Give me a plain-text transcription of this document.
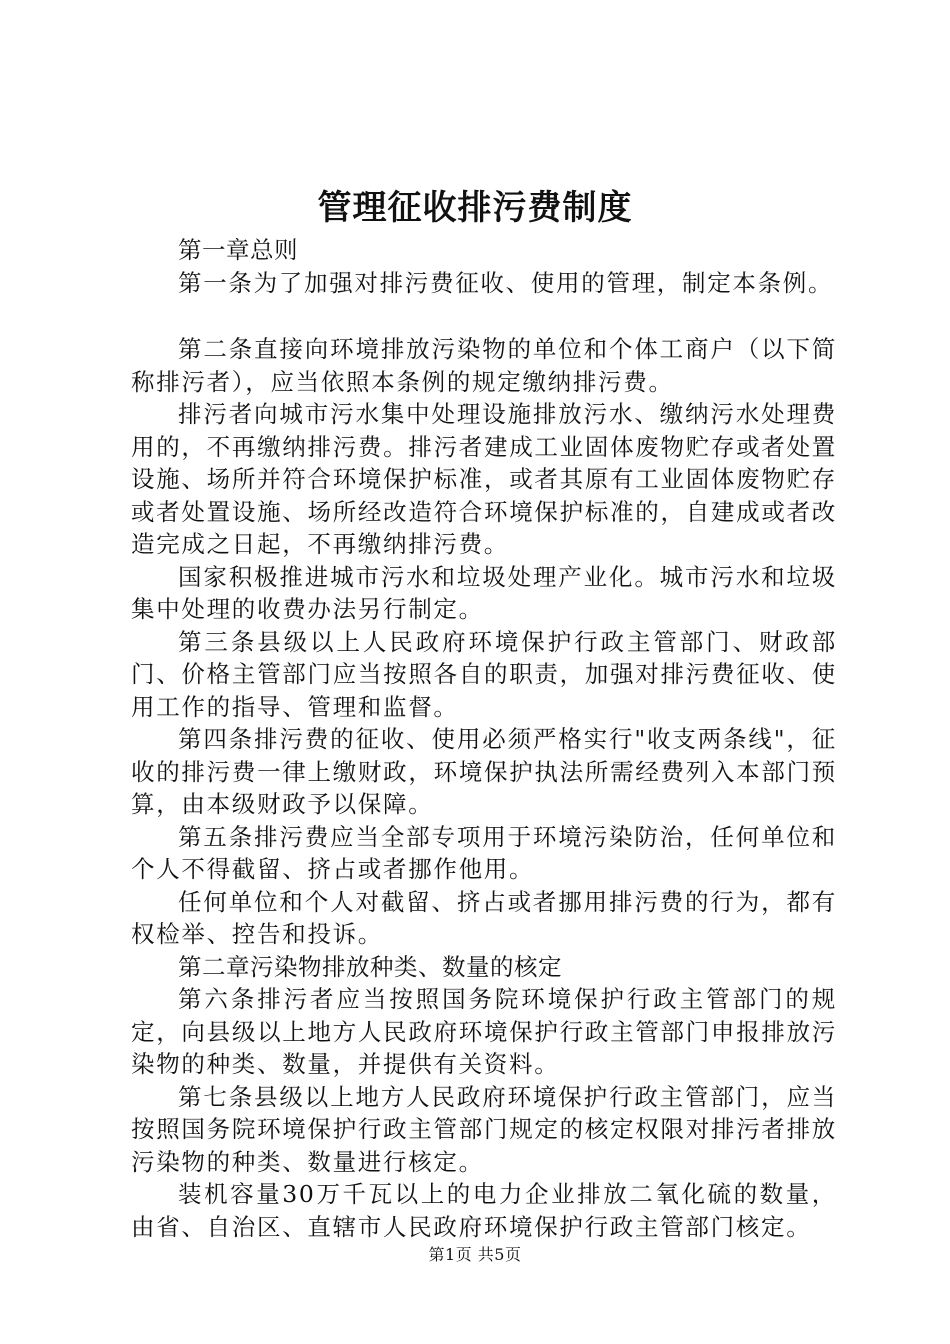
管理征收排污费制度

第一章总则

第一条为了加强对排污费征收、使用的管理，制定本条例。

第二条直接向环境排放污染物的单位和个体工商户（以下简称排污者），应当依照本条例的规定缴纳排污费。

排污者向城市污水集中处理设施排放污水、缴纳污水处理费用的，不再缴纳排污费。排污者建成工业固体废物贮存或者处置设施、场所并符合环境保护标准，或者其原有工业固体废物贮存或者处置设施、场所经改造符合环境保护标准的，自建成或者改造完成之日起，不再缴纳排污费。

国家积极推进城市污水和垃圾处理产业化。城市污水和垃圾集中处理的收费办法另行制定。

第三条县级以上人民政府环境保护行政主管部门、财政部门、价格主管部门应当按照各自的职责，加强对排污费征收、使用工作的指导、管理和监督。

第四条排污费的征收、使用必须严格实行"收支两条线"，征收的排污费一律上缴财政，环境保护执法所需经费列入本部门预算，由本级财政予以保障。

第五条排污费应当全部专项用于环境污染防治，任何单位和个人不得截留、挤占或者挪作他用。

任何单位和个人对截留、挤占或者挪用排污费的行为，都有权检举、控告和投诉。

第二章污染物排放种类、数量的核定

第六条排污者应当按照国务院环境保护行政主管部门的规定，向县级以上地方人民政府环境保护行政主管部门申报排放污染物的种类、数量，并提供有关资料。

第七条县级以上地方人民政府环境保护行政主管部门，应当按照国务院环境保护行政主管部门规定的核定权限对排污者排放污染物的种类、数量进行核定。

装机容量30万千瓦以上的电力企业排放二氧化硫的数量，由省、自治区、直辖市人民政府环境保护行政主管部门核定。

第1页 共5页
